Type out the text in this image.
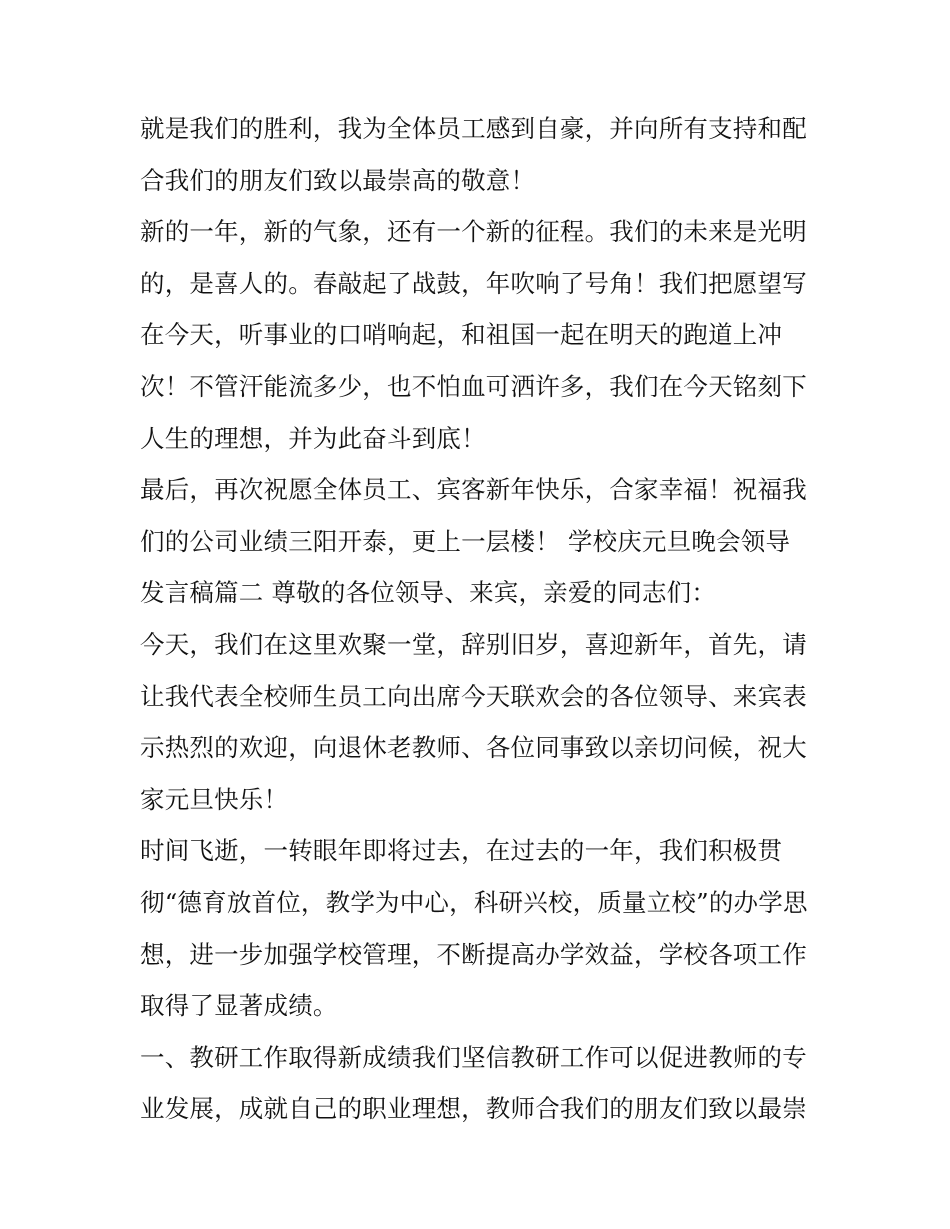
就是我们的胜利，我为全体员工感到自豪，并向所有支持和配
合我们的朋友们致以最崇高的敬意！
新的一年，新的气象，还有一个新的征程。我们的未来是光明
的，是喜人的。春敲起了战鼓，年吹响了号角！我们把愿望写
在今天，听事业的口哨响起，和祖国一起在明天的跑道上冲
次！不管汗能流多少，也不怕血可洒许多，我们在今天铭刻下
人生的理想，并为此奋斗到底！
最后，再次祝愿全体员工、宾客新年快乐，合家幸福！祝福我
们的公司业绩三阳开泰，更上一层楼！ 学校庆元旦晚会领导
发言稿篇二 尊敬的各位领导、来宾，亲爱的同志们：
今天，我们在这里欢聚一堂，辞别旧岁，喜迎新年，首先，请
让我代表全校师生员工向出席今天联欢会的各位领导、来宾表
示热烈的欢迎，向退休老教师、各位同事致以亲切问候，祝大
家元旦快乐！
时间飞逝，一转眼年即将过去，在过去的一年，我们积极贯
彻“德育放首位，教学为中心，科研兴校，质量立校”的办学思
想，进一步加强学校管理，不断提高办学效益，学校各项工作
取得了显著成绩。
一、教研工作取得新成绩我们坚信教研工作可以促进教师的专
业发展，成就自己的职业理想，教师合我们的朋友们致以最崇
